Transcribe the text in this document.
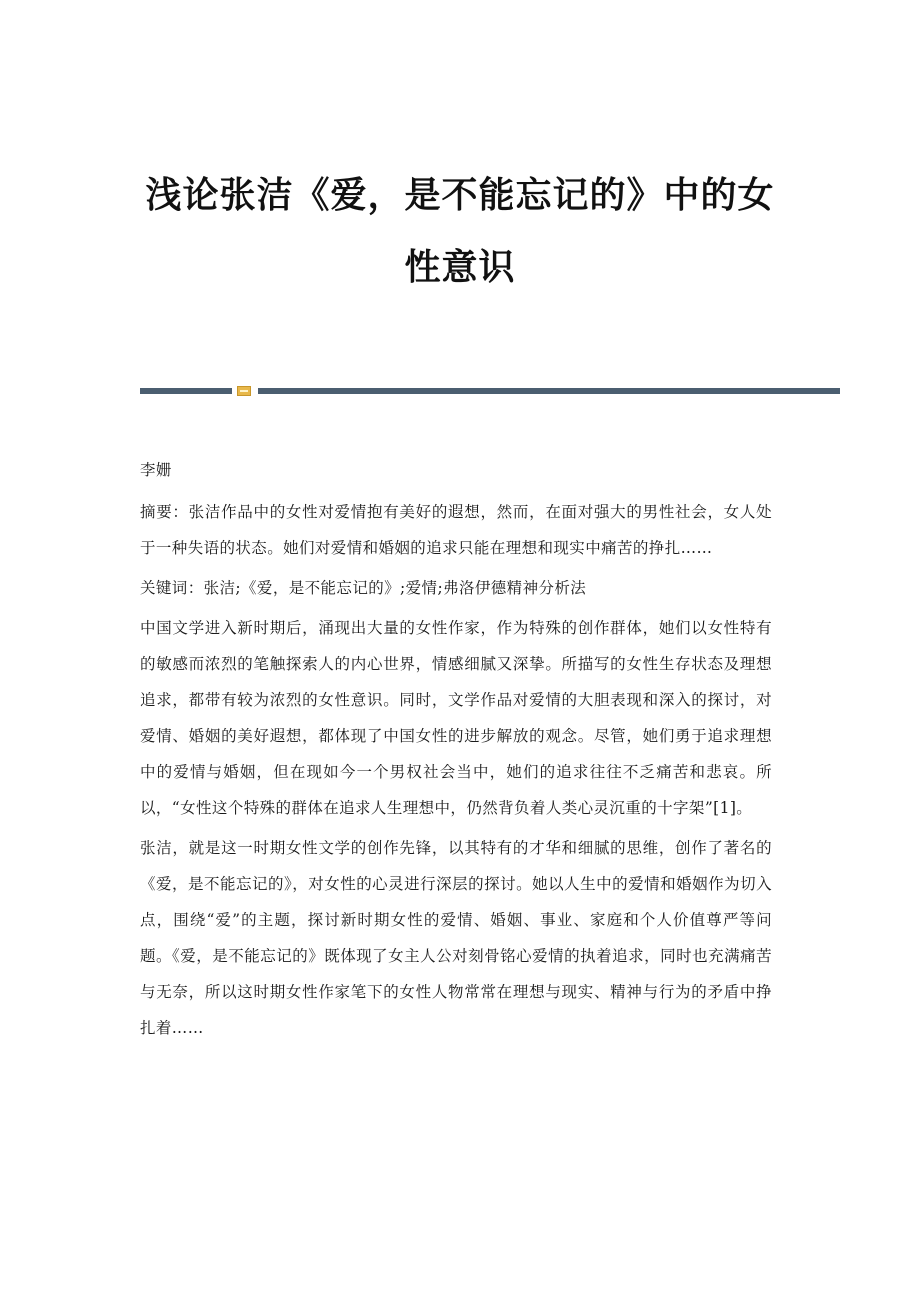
浅论张洁《爱，是不能忘记的》中的女性意识

李姗

摘要：张洁作品中的女性对爱情抱有美好的遐想，然而，在面对强大的男性社会，女人处于一种失语的状态。她们对爱情和婚姻的追求只能在理想和现实中痛苦的挣扎……

关键词：张洁;《爱，是不能忘记的》;爱情;弗洛伊德精神分析法

中国文学进入新时期后，涌现出大量的女性作家，作为特殊的创作群体，她们以女性特有的敏感而浓烈的笔触探索人的内心世界，情感细腻又深挚。所描写的女性生存状态及理想追求，都带有较为浓烈的女性意识。同时，文学作品对爱情的大胆表现和深入的探讨，对爱情、婚姻的美好遐想，都体现了中国女性的进步解放的观念。尽管，她们勇于追求理想中的爱情与婚姻，但在现如今一个男权社会当中，她们的追求往往不乏痛苦和悲哀。所以，“女性这个特殊的群体在追求人生理想中，仍然背负着人类心灵沉重的十字架”[1]。

张洁，就是这一时期女性文学的创作先锋，以其特有的才华和细腻的思维，创作了著名的《爱，是不能忘记的》，对女性的心灵进行深层的探讨。她以人生中的爱情和婚姻作为切入点，围绕“爱”的主题，探讨新时期女性的爱情、婚姻、事业、家庭和个人价值尊严等问题。《爱，是不能忘记的》既体现了女主人公对刻骨铭心爱情的执着追求，同时也充满痛苦与无奈，所以这时期女性作家笔下的女性人物常常在理想与现实、精神与行为的矛盾中挣扎着……
